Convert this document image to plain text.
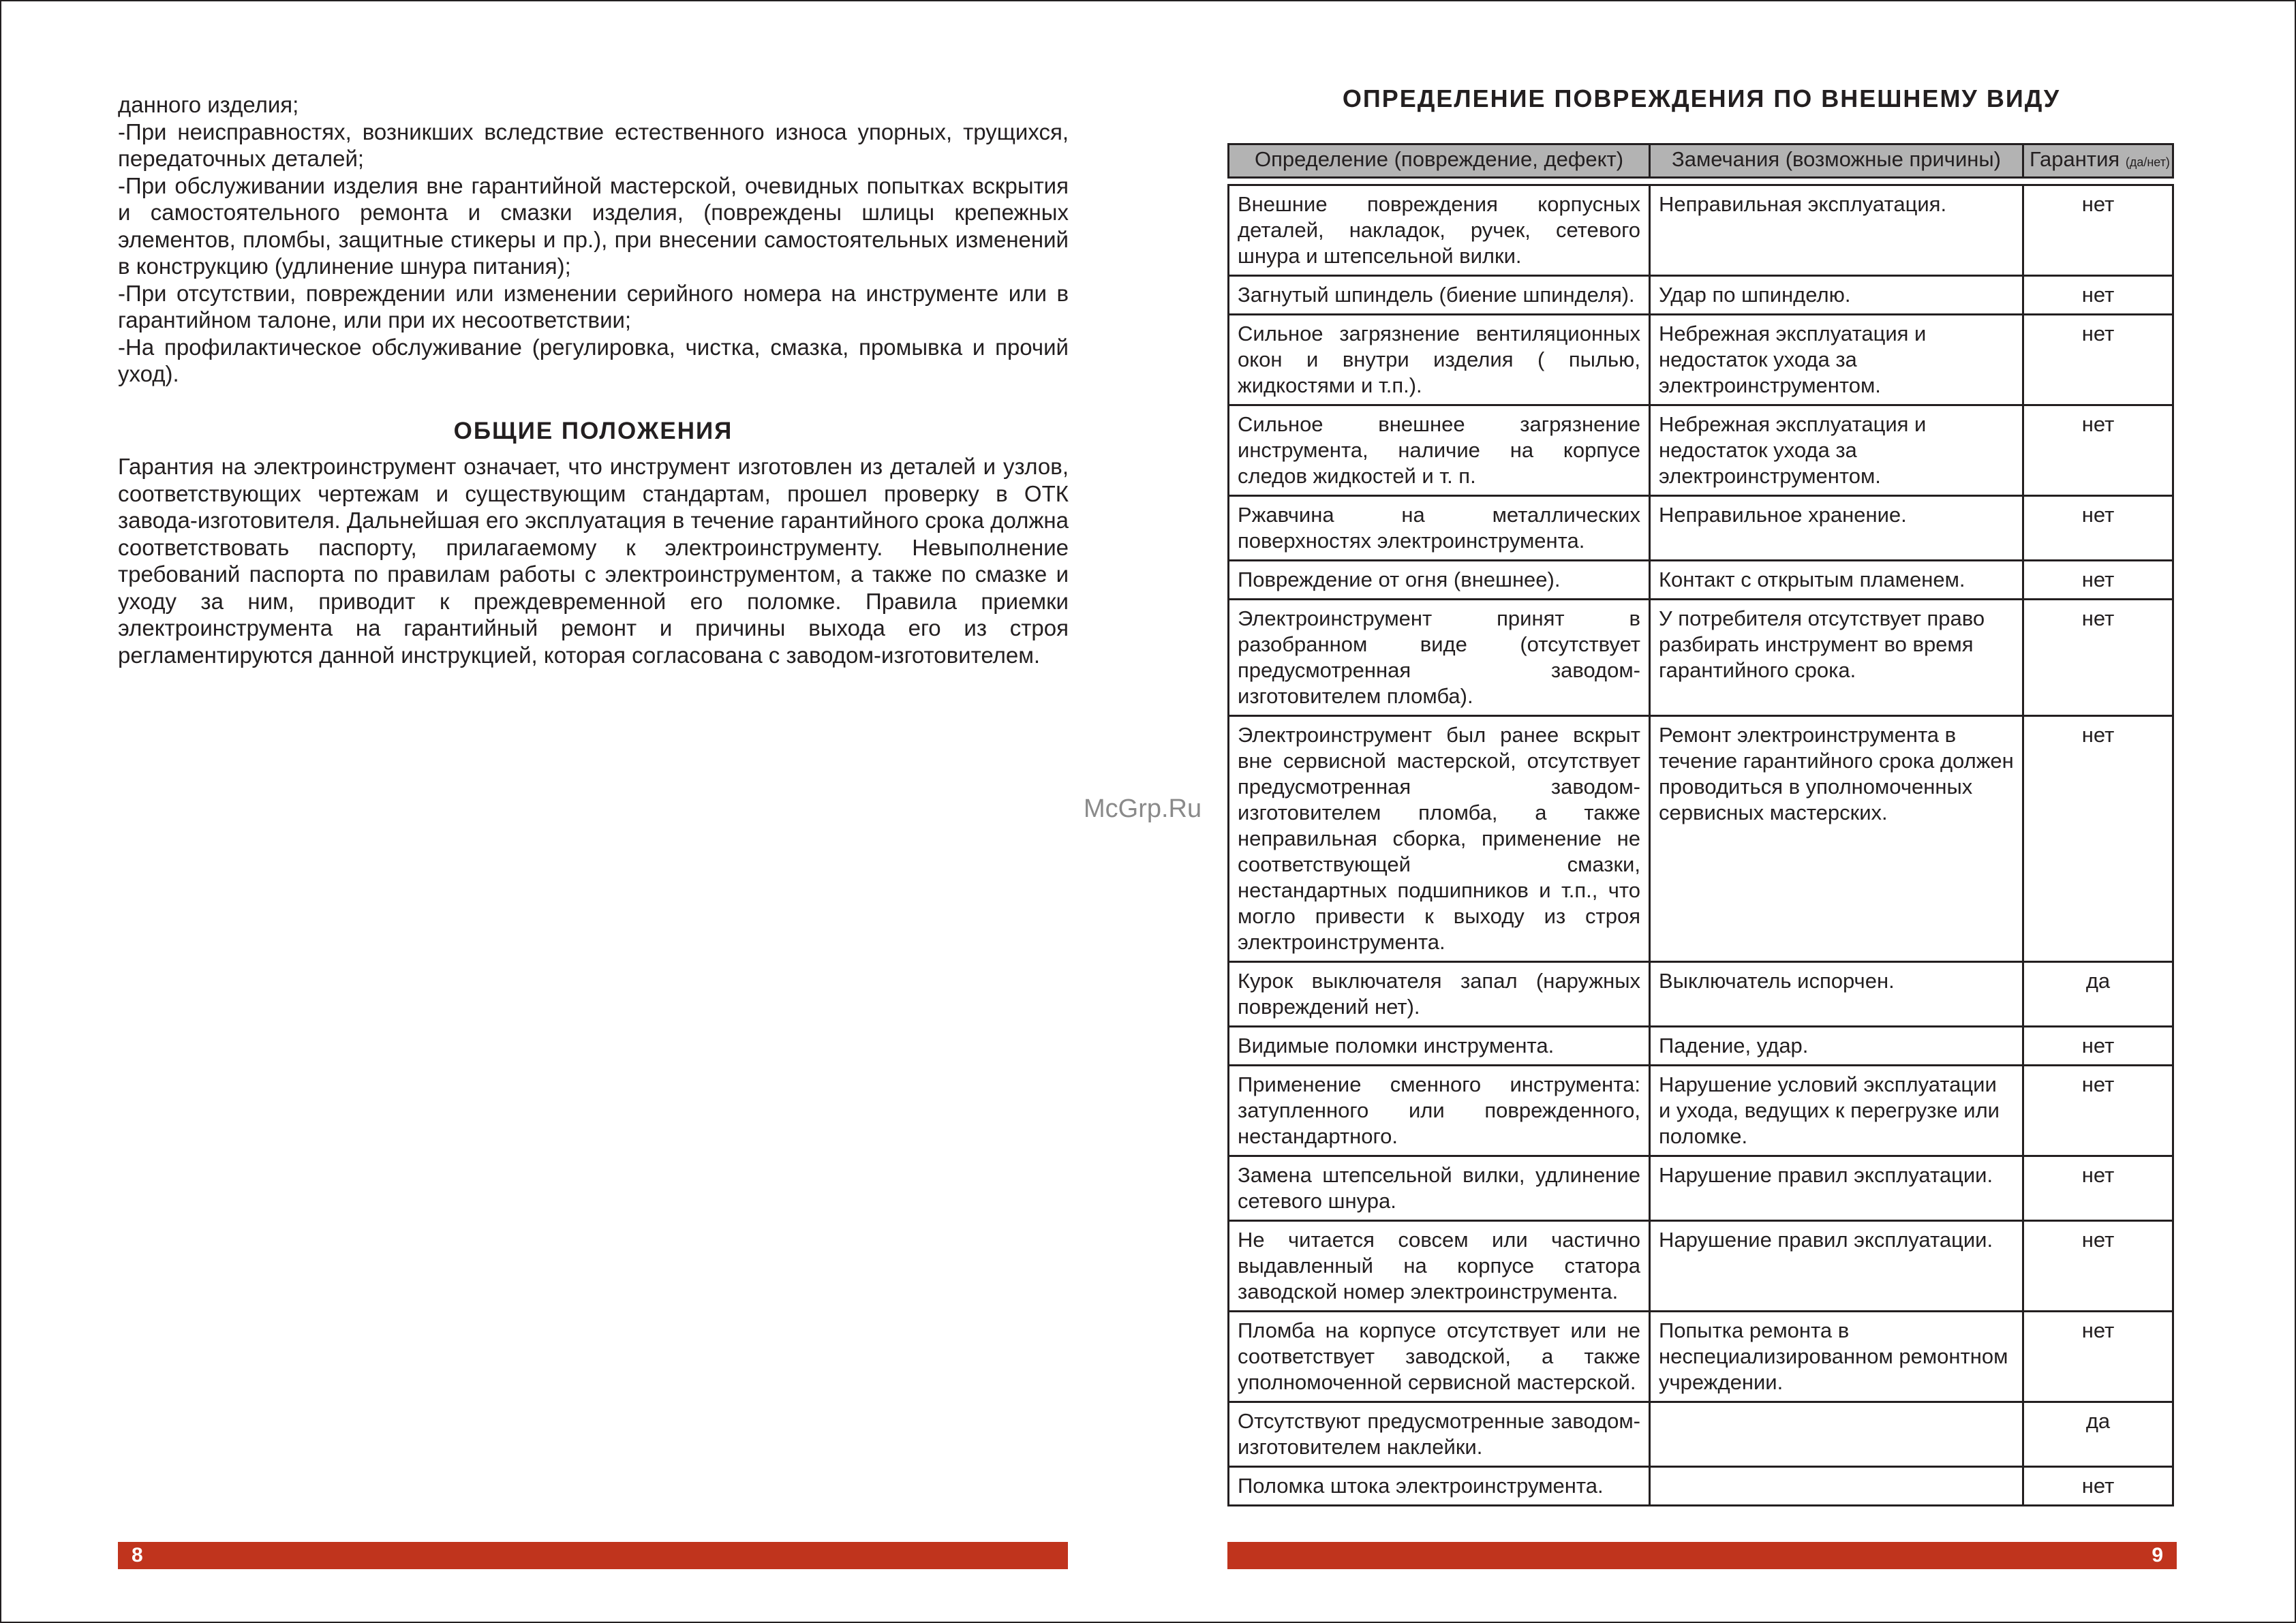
данного изделия;

-При неисправностях, возникших вследствие естественного износа упорных, трущихся, передаточных деталей;

-При обслуживании изделия вне гарантийной мастерской, очевидных попытках вскрытия и самостоятельного ремонта и смазки изделия, (повреждены шлицы крепежных элементов, пломбы, защитные стикеры и пр.), при внесении самостоятельных изменений в конструкцию (удлинение шнура питания);

-При отсутствии, повреждении или изменении серийного номера на инструменте или в гарантийном талоне, или при их несоответствии;

-На профилактическое обслуживание (регулировка, чистка, смазка, промывка и прочий уход).

ОБЩИЕ ПОЛОЖЕНИЯ
Гарантия на электроинструмент означает, что инструмент изготовлен из деталей и узлов, соответствующих чертежам и существующим стандартам, прошел проверку в ОТК завода-изготовителя. Дальнейшая его эксплуатация в течение гарантийного срока должна соответствовать паспорту, прилагаемому к электроинструменту. Невыполнение требований паспорта по правилам работы с электроинструментом, а также по смазке и уходу за ним, приводит к преждевременной его поломке. Правила приемки электроинструмента на гарантийный ремонт и причины выхода его из строя регламентируются данной инструкцией, которая согласована с заводом-изготовителем.
ОПРЕДЕЛЕНИЕ ПОВРЕЖДЕНИЯ ПО ВНЕШНЕМУ ВИДУ
Определение (повреждение, дефект)	Замечания (возможные причины)	Гарантия (да/нет)

Внешние повреждения корпусных деталей, накладок, ручек, сетевого шнура и штепсельной вилки.	Неправильная эксплуатация.	нет
Загнутый шпиндель (биение шпинделя).	Удар по шпинделю.	нет
Сильное загрязнение вентиляционных окон и внутри изделия ( пылью, жидкостями и т.п.).	Небрежная эксплуатация и недостаток ухода за электроинструментом.	нет
Сильное внешнее загрязнение инструмента, наличие на корпусе следов жидкостей и т. п.	Небрежная эксплуатация и недостаток ухода за электроинструментом.	нет
Ржавчина на металлических поверхностях электроинструмента.	Неправильное хранение.	нет
Повреждение от огня (внешнее).	Контакт с открытым пламенем.	нет
Электроинструмент принят в разобранном виде (отсутствует предусмотренная заводом-изготовителем пломба).	У потребителя отсутствует право разбирать инструмент во время гарантийного срока.	нет
Электроинструмент был ранее вскрыт вне сервисной мастерской, отсутствует предусмотренная заводом-изготовителем пломба, а также неправильная сборка, применение не соответствующей смазки, нестандартных подшипников и т.п., что могло привести к выходу из строя электроинструмента.	Ремонт электроинструмента в течение гарантийного срока должен проводиться в уполномоченных сервисных мастерских.	нет
Курок выключателя запал (наружных повреждений нет).	Выключатель испорчен.	да
Видимые поломки инструмента.	Падение, удар.	нет
Применение сменного инструмента: затупленного или поврежденного, нестандартного.	Нарушение условий эксплуатации и ухода, ведущих к перегрузке или поломке.	нет
Замена штепсельной вилки, удлинение сетевого шнура.	Нарушение правил эксплуатации.	нет
Не читается совсем или частично выдавленный на корпусе статора заводской номер электроинструмента.	Нарушение правил эксплуатации.	нет
Пломба на корпусе отсутствует или не соответствует заводской, а также уполномоченной сервисной мастерской.	Попытка ремонта в неспециализированном ремонтном учреждении.	нет
Отсутствуют предусмотренные заводом-изготовителем наклейки.		да
Поломка штока электроинструмента.		нет
McGrp.Ru
8	9
